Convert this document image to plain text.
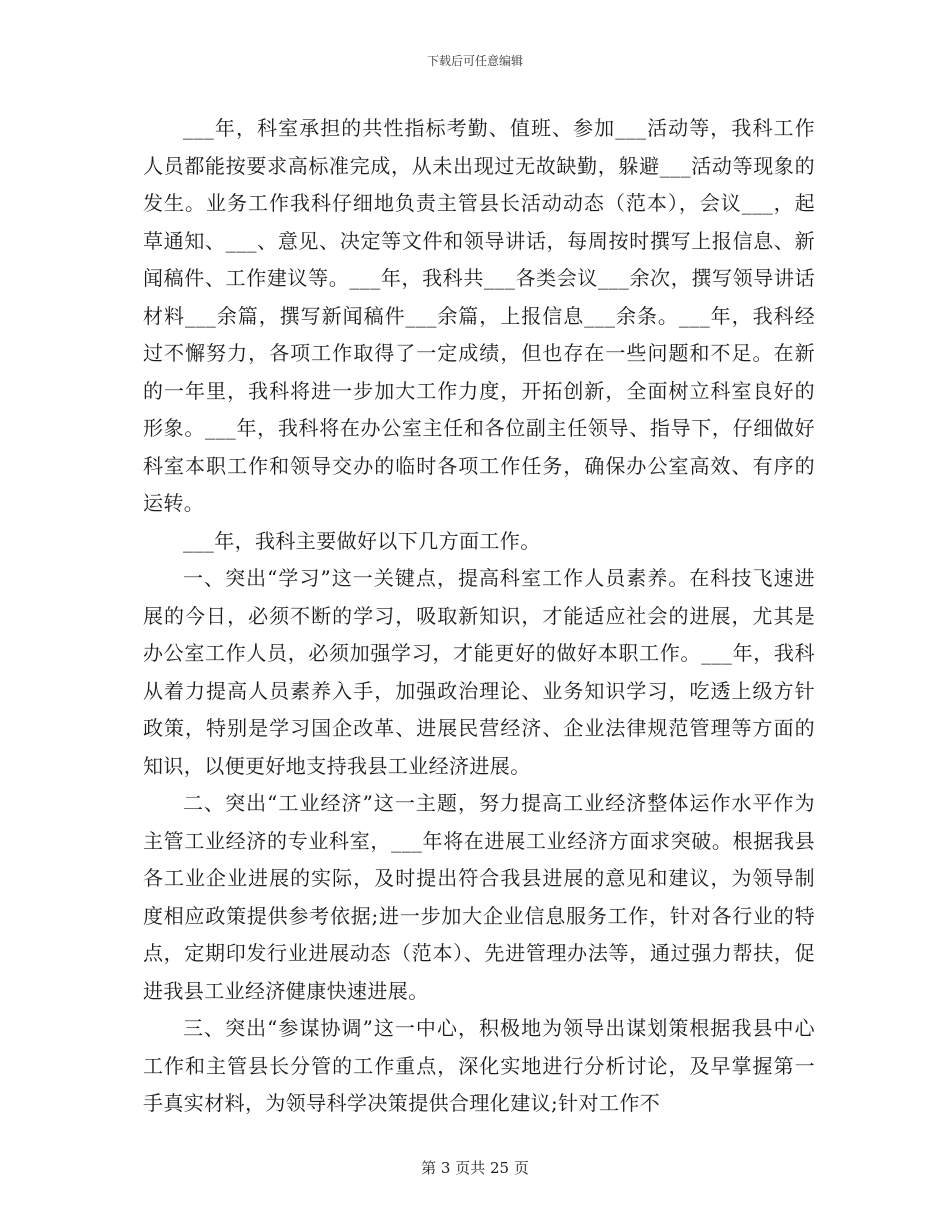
下载后可任意编辑

___年，科室承担的共性指标考勤、值班、参加___活动等，我科工作人员都能按要求高标准完成，从未出现过无故缺勤，躲避___活动等现象的发生。业务工作我科仔细地负责主管县长活动动态（范本），会议___，起草通知、___、意见、决定等文件和领导讲话，每周按时撰写上报信息、新闻稿件、工作建议等。___年，我科共___各类会议___余次，撰写领导讲话材料___余篇，撰写新闻稿件___余篇，上报信息___余条。___年，我科经过不懈努力，各项工作取得了一定成绩，但也存在一些问题和不足。在新的一年里，我科将进一步加大工作力度，开拓创新，全面树立科室良好的形象。___年，我科将在办公室主任和各位副主任领导、指导下，仔细做好科室本职工作和领导交办的临时各项工作任务，确保办公室高效、有序的运转。

___年，我科主要做好以下几方面工作。

一、突出“学习”这一关键点，提高科室工作人员素养。在科技飞速进展的今日，必须不断的学习，吸取新知识，才能适应社会的进展，尤其是办公室工作人员，必须加强学习，才能更好的做好本职工作。___年，我科从着力提高人员素养入手，加强政治理论、业务知识学习，吃透上级方针政策，特别是学习国企改革、进展民营经济、企业法律规范管理等方面的知识，以便更好地支持我县工业经济进展。

二、突出“工业经济”这一主题，努力提高工业经济整体运作水平作为主管工业经济的专业科室，___年将在进展工业经济方面求突破。根据我县各工业企业进展的实际，及时提出符合我县进展的意见和建议，为领导制度相应政策提供参考依据;进一步加大企业信息服务工作，针对各行业的特点，定期印发行业进展动态（范本）、先进管理办法等，通过强力帮扶，促进我县工业经济健康快速进展。

三、突出“参谋协调”这一中心，积极地为领导出谋划策根据我县中心工作和主管县长分管的工作重点，深化实地进行分析讨论，及早掌握第一手真实材料，为领导科学决策提供合理化建议;针对工作不

第 3 页共 25 页
